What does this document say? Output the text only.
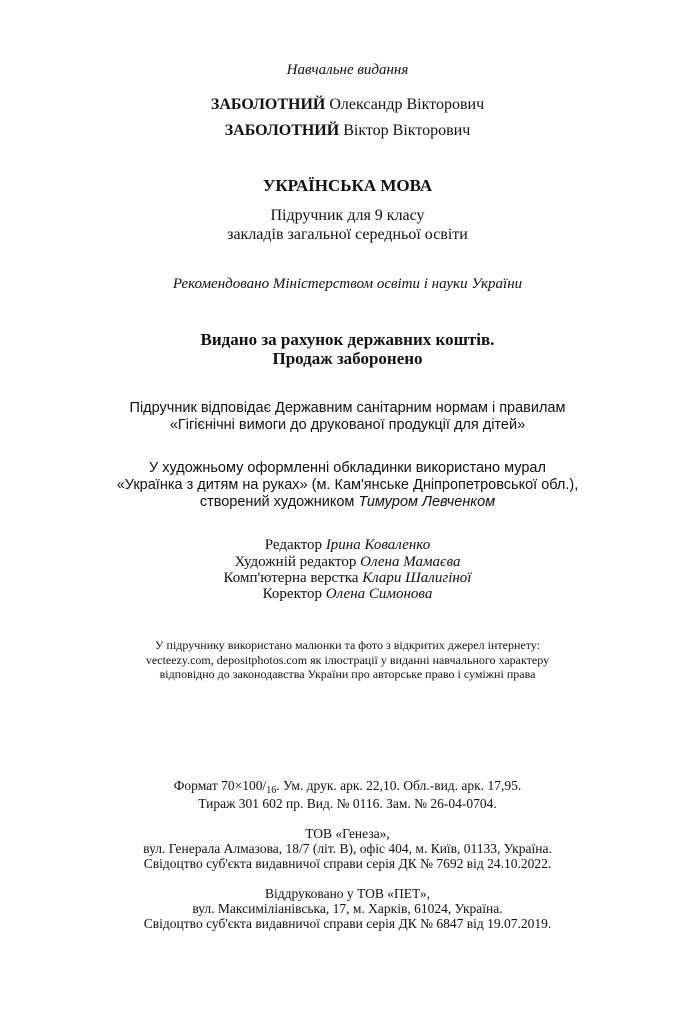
Навчальне видання
ЗАБОЛОТНИЙ Олександр Вікторович
ЗАБОЛОТНИЙ Віктор Вікторович
УКРАЇНСЬКА МОВА
Підручник для 9 класу
закладів загальної середньої освіти
Рекомендовано Міністерством освіти і науки України
Видано за рахунок державних коштів.
Продаж заборонено
Підручник відповідає Державним санітарним нормам і правилам
«Гігієнічні вимоги до друкованої продукції для дітей»
У художньому оформленні обкладинки використано мурал
«Українка з дитям на руках» (м. Кам'янське Дніпропетровської обл.),
створений художником Тимуром Левченком
Редактор Ірина Коваленко
Художній редактор Олена Мамаєва
Комп'ютерна верстка Клари Шалигіної
Коректор Олена Симонова
У підручнику використано малюнки та фото з відкритих джерел інтернету:
vecteezy.com, depositphotos.com як ілюстрації у виданні навчального характеру
відповідно до законодавства України про авторське право і суміжні права
Формат $70\times 100/_{16}$. Ум. друк. арк. 22,10. Обл.-вид. арк. 17,95.
Тираж 301 602 пр. Вид. № 0116. Зам. № 26-04-0704.
ТОВ «Генеза»,
вул. Генерала Алмазова, 18/7 (літ. В), офіс 404, м. Київ, 01133, Україна.
Свідоцтво суб'єкта видавничої справи серія ДК № 7692 від 24.10.2022.
Віддруковано у ТОВ «ПЕТ»,
вул. Максиміліанівська, 17, м. Харків, 61024, Україна.
Свідоцтво суб'єкта видавничої справи серія ДК № 6847 від 19.07.2019.
